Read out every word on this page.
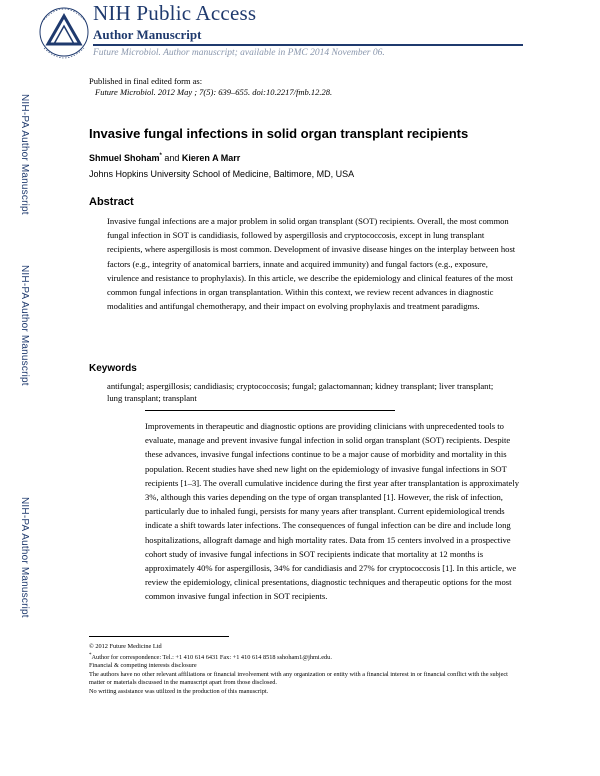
NIH Public Access
Author Manuscript
Future Microbiol. Author manuscript; available in PMC 2014 November 06.
Published in final edited form as:
Future Microbiol. 2012 May ; 7(5): 639–655. doi:10.2217/fmb.12.28.
NIH-PA Author Manuscript
NIH-PA Author Manuscript
NIH-PA Author Manuscript
Invasive fungal infections in solid organ transplant recipients
Shmuel Shoham* and Kieren A Marr
Johns Hopkins University School of Medicine, Baltimore, MD, USA
Abstract
Invasive fungal infections are a major problem in solid organ transplant (SOT) recipients. Overall, the most common fungal infection in SOT is candidiasis, followed by aspergillosis and cryptococcosis, except in lung transplant recipients, where aspergillosis is most common. Development of invasive disease hinges on the interplay between host factors (e.g., integrity of anatomical barriers, innate and acquired immunity) and fungal factors (e.g., exposure, virulence and resistance to prophylaxis). In this article, we describe the epidemiology and clinical features of the most common fungal infections in organ transplantation. Within this context, we review recent advances in diagnostic modalities and antifungal chemotherapy, and their impact on evolving prophylaxis and treatment paradigms.
Keywords
antifungal; aspergillosis; candidiasis; cryptococcosis; fungal; galactomannan; kidney transplant; liver transplant; lung transplant; transplant
Improvements in therapeutic and diagnostic options are providing clinicians with unprecedented tools to evaluate, manage and prevent invasive fungal infection in solid organ transplant (SOT) recipients. Despite these advances, invasive fungal infections continue to be a major cause of morbidity and mortality in this population. Recent studies have shed new light on the epidemiology of invasive fungal infections in SOT recipients [1–3]. The overall cumulative incidence during the first year after transplantation is approximately 3%, although this varies depending on the type of organ transplanted [1]. However, the risk of infection, particularly due to inhaled fungi, persists for many years after transplant. Current epidemiological trends indicate a shift towards later infections. The consequences of fungal infection can be dire and include long hospitalizations, allograft damage and high mortality rates. Data from 15 centers involved in a prospective cohort study of invasive fungal infections in SOT recipients indicate that mortality at 12 months is approximately 40% for aspergillosis, 34% for candidiasis and 27% for cryptococcosis [1]. In this article, we review the epidemiology, clinical presentations, diagnostic techniques and therapeutic options for the most common invasive fungal infection in SOT recipients.
© 2012 Future Medicine Ltd
*Author for correspondence: Tel.: +1 410 614 6431 Fax: +1 410 614 8518 sshoham1@jhmi.edu.
Financial & competing interests disclosure
The authors have no other relevant affiliations or financial involvement with any organization or entity with a financial interest in or financial conflict with the subject matter or materials discussed in the manuscript apart from those disclosed.
No writing assistance was utilized in the production of this manuscript.
